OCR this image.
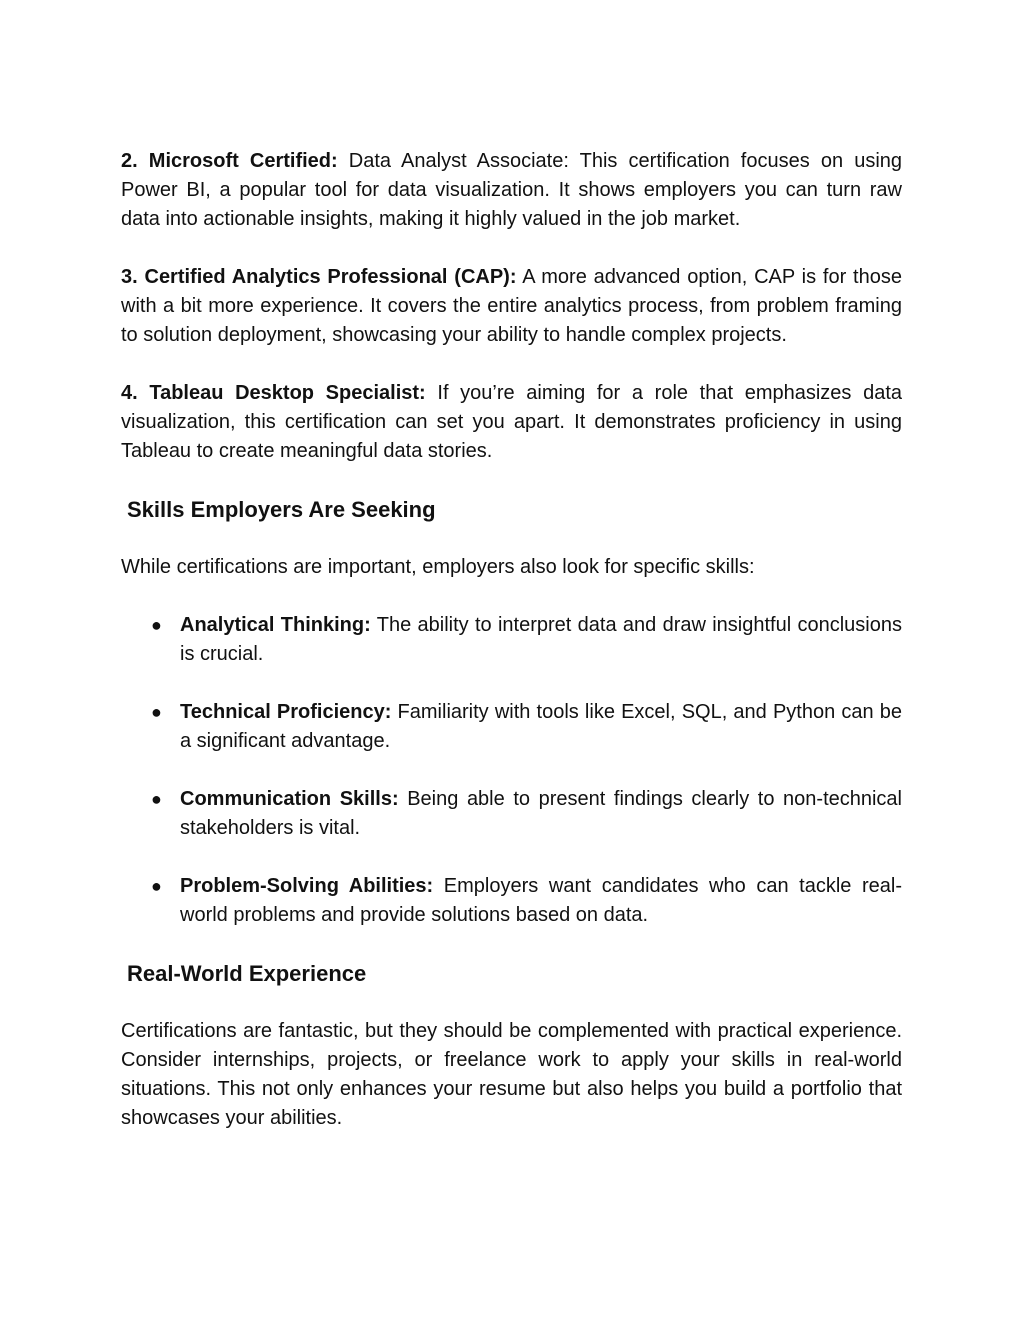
2. Microsoft Certified: Data Analyst Associate: This certification focuses on using Power BI, a popular tool for data visualization. It shows employers you can turn raw data into actionable insights, making it highly valued in the job market.

3. Certified Analytics Professional (CAP): A more advanced option, CAP is for those with a bit more experience. It covers the entire analytics process, from problem framing to solution deployment, showcasing your ability to handle complex projects.

4. Tableau Desktop Specialist: If you’re aiming for a role that emphasizes data visualization, this certification can set you apart. It demonstrates proficiency in using Tableau to create meaningful data stories.

Skills Employers Are Seeking

While certifications are important, employers also look for specific skills:

● Analytical Thinking: The ability to interpret data and draw insightful conclusions is crucial.
● Technical Proficiency: Familiarity with tools like Excel, SQL, and Python can be a significant advantage.
● Communication Skills: Being able to present findings clearly to non-technical stakeholders is vital.
● Problem-Solving Abilities: Employers want candidates who can tackle real-world problems and provide solutions based on data.
Real-World Experience

Certifications are fantastic, but they should be complemented with practical experience. Consider internships, projects, or freelance work to apply your skills in real-world situations. This not only enhances your resume but also helps you build a portfolio that showcases your abilities.
